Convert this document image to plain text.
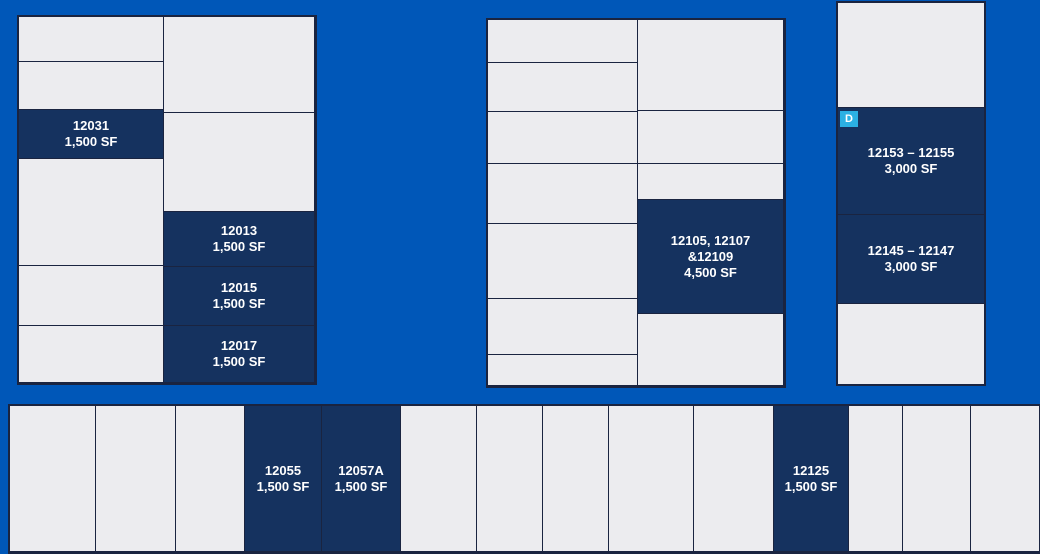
12031
1,500 SF
12013
1,500 SF
12015
1,500 SF
12017
1,500 SF
12105, 12107
&12109
4,500 SF
12153 – 12155
3,000 SF
D
12145 – 12147
3,000 SF
12055
1,500 SF
12057A
1,500 SF
12125
1,500 SF
